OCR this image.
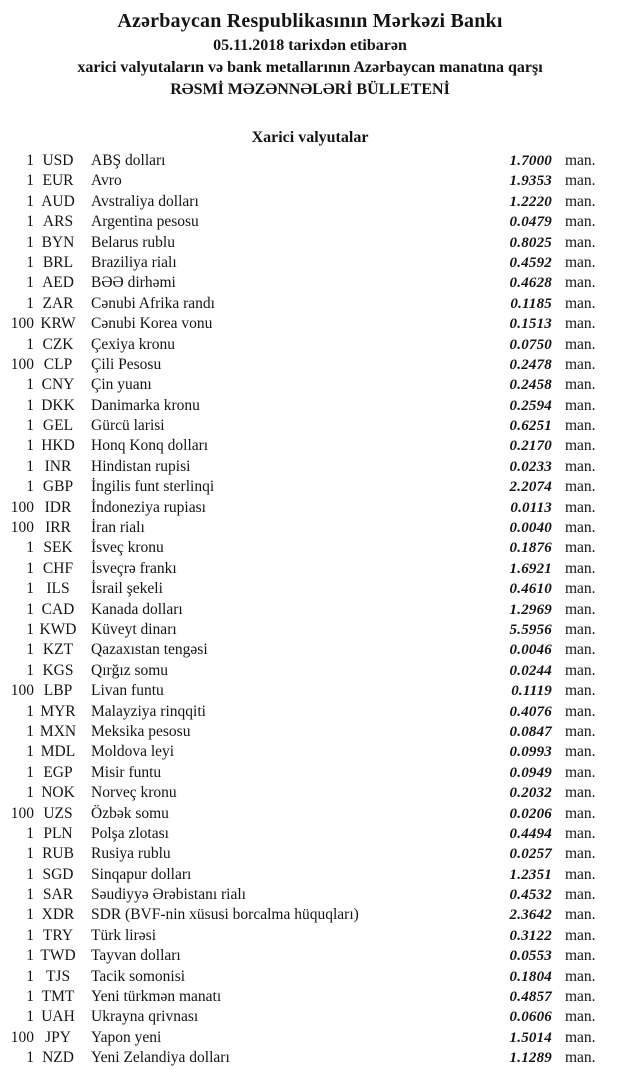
Azərbaycan Respublikasının Mərkəzi Bankı
05.11.2018 tarixdən etibarən
xarici valyutaların və bank metallarının Azərbaycan manatına qarşı
RƏSMİ MƏZƏNNƏLƏRİ BÜLLETENİ
Xarici valyutalar
1 USD	ABŞ dolları	1.7000 man.
1 EUR	Avro	1.9353 man.
1 AUD	Avstraliya dolları	1.2220 man.
1 ARS	Argentina pesosu	0.0479 man.
1 BYN	Belarus rublu	0.8025 man.
1 BRL	Braziliya rialı	0.4592 man.
1 AED	BƏƏ dirhəmi	0.4628 man.
1 ZAR	Cənubi Afrika randı	0.1185 man.
100 KRW Cənubi Korea vonu	0.1513 man.
1 CZK	Çexiya kronu	0.0750 man.
100 CLP	Çili Pesosu	0.2478 man.
1 CNY	Çin yuanı	0.2458 man.
1 DKK	Danimarka kronu	0.2594 man.
1 GEL	Gürcü larisi	0.6251 man.
1 HKD	Honq Konq dolları	0.2170 man.
1 INR	Hindistan rupisi	0.0233 man.
1 GBP	İngilis funt sterlinqi	2.2074 man.
100 IDR	İndoneziya rupiası	0.0113 man.
100 IRR	İran rialı	0.0040 man.
1 SEK	İsveç kronu	0.1876 man.
1 CHF	İsveçrə frankı	1.6921 man.
1 ILS	İsrail şekeli	0.4610 man.
1 CAD	Kanada dolları	1.2969 man.
1 KWD Küveyt dinarı	5.5956 man.
1 KZT	Qazaxıstan tengəsi	0.0046 man.
1 KGS	Qırğız somu	0.0244 man.
100 LBP	Livan funtu	0.1119 man.
1 MYR Malayziya rinqqiti	0.4076 man.
1 MXN Meksika pesosu	0.0847 man.
1 MDL	Moldova leyi	0.0993 man.
1 EGP	Misir funtu	0.0949 man.
1 NOK	Norveç kronu	0.2032 man.
100 UZS	Özbək somu	0.0206 man.
1 PLN	Polşa zlotası	0.4494 man.
1 RUB	Rusiya rublu	0.0257 man.
1 SGD	Sinqapur dolları	1.2351 man.
1 SAR	Səudiyyə Ərəbistanı rialı	0.4532 man.
1 XDR	SDR (BVF-nin xüsusi borcalma hüquqları)	2.3642 man.
1 TRY	Türk lirəsi	0.3122 man.
1 TWD Tayvan dolları	0.0553 man.
1 TJS	Tacik somonisi	0.1804 man.
1 TMT	Yeni türkmən manatı	0.4857 man.
1 UAH	Ukrayna qrivnası	0.0606 man.
100 JPY	Yapon yeni	1.5014 man.
1 NZD	Yeni Zelandiya dolları	1.1289 man.
